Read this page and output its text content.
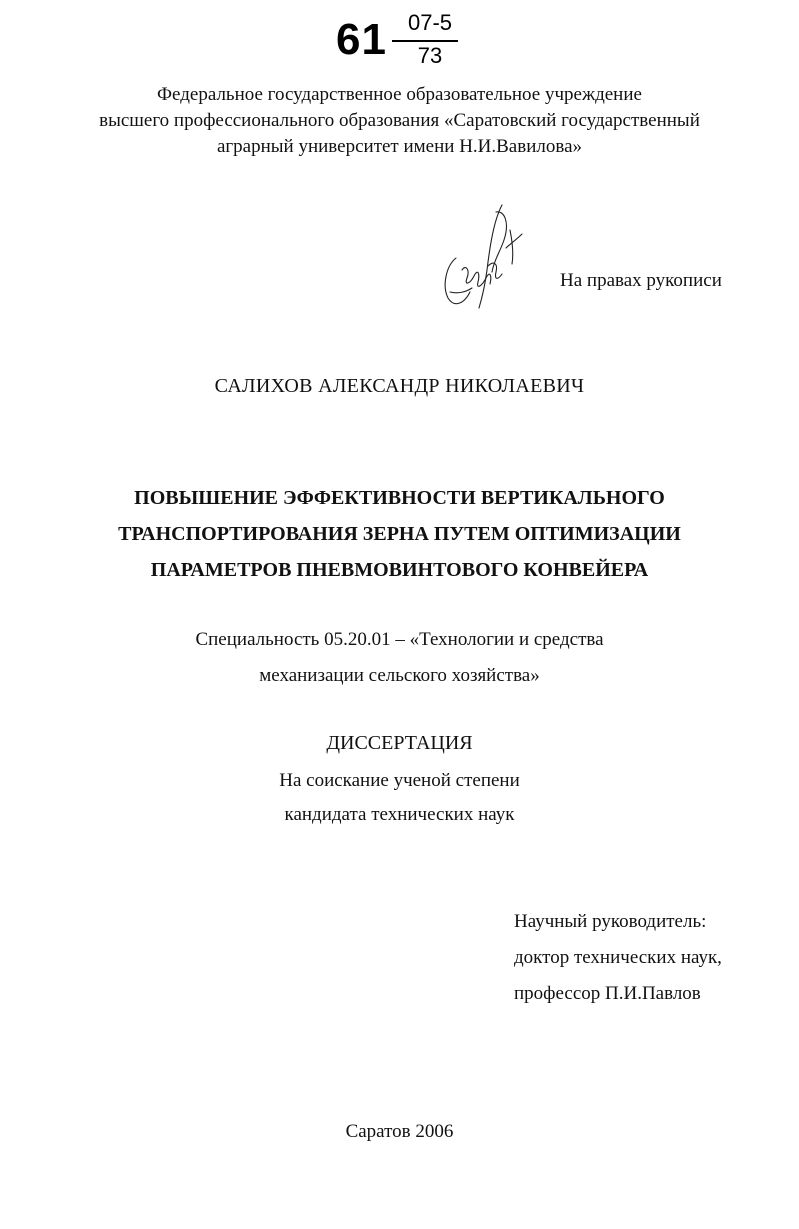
61 07-5
73
Федеральное государственное образовательное учреждение
высшего профессионального образования «Саратовский государственный
аграрный университет имени Н.И.Вавилова»
На правах рукописи
САЛИХОВ АЛЕКСАНДР НИКОЛАЕВИЧ
ПОВЫШЕНИЕ ЭФФЕКТИВНОСТИ ВЕРТИКАЛЬНОГО
ТРАНСПОРТИРОВАНИЯ ЗЕРНА ПУТЕМ ОПТИМИЗАЦИИ
ПАРАМЕТРОВ ПНЕВМОВИНТОВОГО КОНВЕЙЕРА
Специальность 05.20.01 – «Технологии и средства
механизации сельского хозяйства»
ДИССЕРТАЦИЯ
На соискание ученой степени
кандидата технических наук
Научный руководитель:
доктор технических наук,
профессор П.И.Павлов
Саратов 2006
